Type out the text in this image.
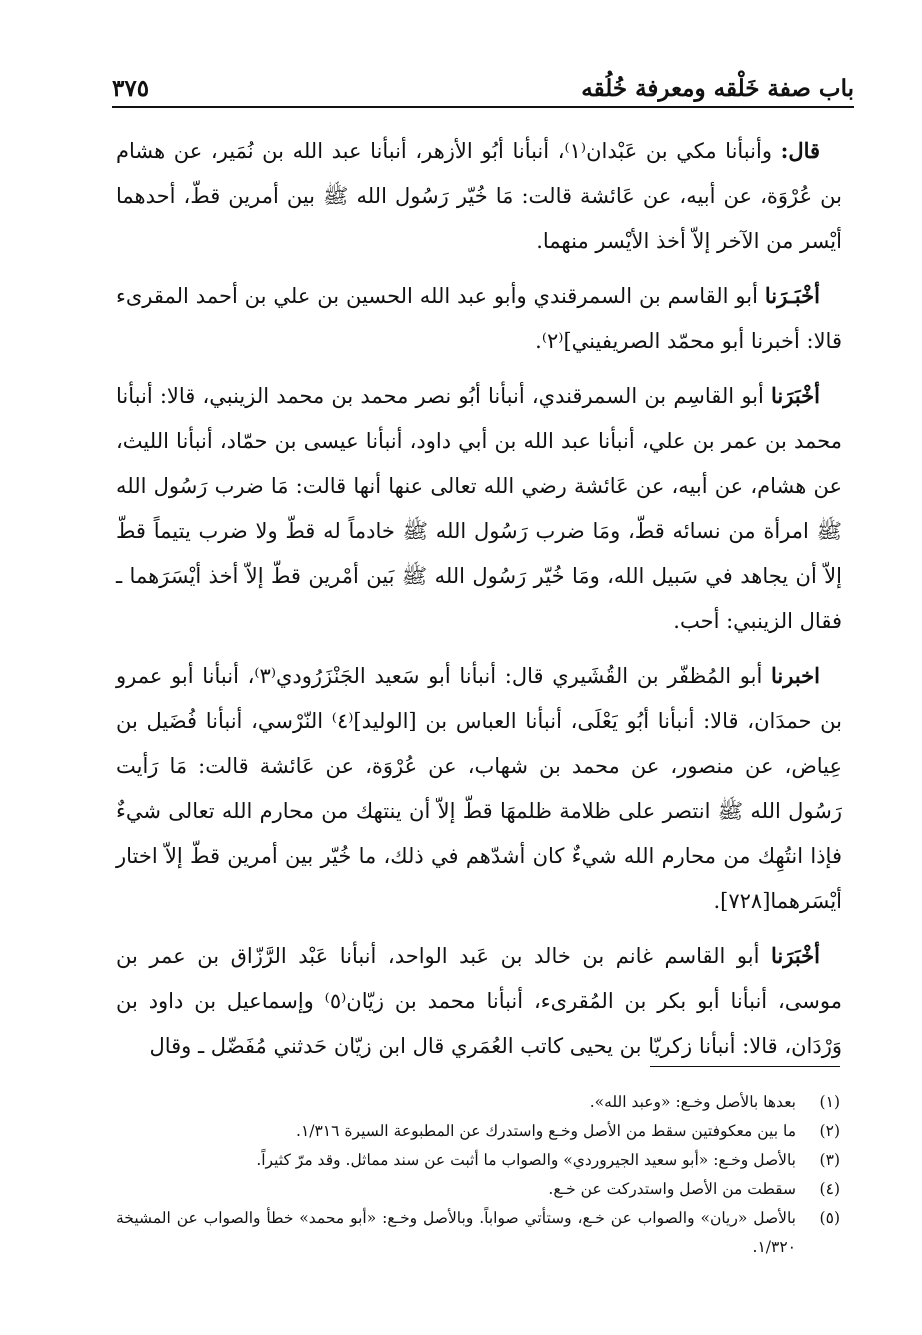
باب صفة خَلْقه ومعرفة خُلُقه
٣٧٥

قال: وأنبأنا مكي بن عَبْدان⁽١⁾، أنبأنا أبُو الأزهر، أنبأنا عبد الله بن نُمَير، عن هشام بن عُرْوَة، عن أبيه، عن عَائشة قالت: مَا خُيّر رَسُول الله ﷺ بين أمرين قطّ، أحدهما أيْسر من الآخر إلاّ أخذ الأيْسر منهما.

أخْبَـرَنا أبو القاسم بن السمرقندي وأبو عبد الله الحسين بن علي بن أحمد المقرىء قالا: أخبرنا أبو محمّد الصريفيني]⁽٢⁾.

أخْبَرَنا أبو القاسِم بن السمرقندي، أنبأنا أبُو نصر محمد بن محمد الزينبي، قالا: أنبأنا محمد بن عمر بن علي، أنبأنا عبد الله بن أبي داود، أنبأنا عيسى بن حمّاد، أنبأنا الليث، عن هشام، عن أبيه، عن عَائشة رضي الله تعالى عنها أنها قالت: مَا ضرب رَسُول الله ﷺ امرأة من نسائه قطّ، ومَا ضرب رَسُول الله ﷺ خادماً له قطّ ولا ضرب يتيماً قطّ إلاّ أن يجاهد في سَبيل الله، ومَا خُيّر رَسُول الله ﷺ بَين أمْرين قطّ إلاّ أخذ أيْسَرَهما ـ فقال الزينبي: أحب.

اخبرنا أبو المُظفّر بن القُشَيري قال: أنبأنا أبو سَعيد الجَنْزَرُودي⁽٣⁾، أنبأنا أبو عمرو بن حمدَان، قالا: أنبأنا أبُو يَعْلَى، أنبأنا العباس بن [الوليد]⁽٤⁾ النّرْسي، أنبأنا فُضَيل بن عِياض، عن منصور، عن محمد بن شهاب، عن عُرْوَة، عن عَائشة قالت: مَا رَأيت رَسُول الله ﷺ انتصر على ظلامة ظلمهَا قطّ إلاّ أن ينتهك من محارم الله تعالى شيءٌ فإذا انتُهِك من محارم الله شيءٌ كان أشدّهم في ذلك، ما خُيّر بين أمرين قطّ إلاّ اختار أيْسَرهما[٧٢٨].

أخْبَرَنا أبو القاسم غانم بن خالد بن عَبد الواحد، أنبأنا عَبْد الرَّزّاق بن عمر بن موسى، أنبأنا أبو بكر بن المُقرىء، أنبأنا محمد بن زيّان⁽٥⁾ وإسماعيل بن داود بن وَرْدَان، قالا: أنبأنا زكريّا بن يحيى كاتب العُمَري قال ابن زيّان حَدثني مُفَضّل ـ وقال

(١)
بعدها بالأصل وخـع: «وعبد الله».
(٢)
ما بين معكوفتين سقط من الأصل وخـع واستدرك عن المطبوعة السيرة ١/٣١٦.
(٣)
بالأصل وخـع: «أبو سعيد الجيروردي» والصواب ما أثبت عن سند مماثل. وقد مرّ كثيراً.
(٤)
سقطت من الأصل واستدركت عن خـع.
(٥)
بالأصل «ريان» والصواب عن خـع، وستأتي صواباً. وبالأصل وخـع: «أبو محمد» خطأ والصواب عن المشيخة ١/٣٢٠.
